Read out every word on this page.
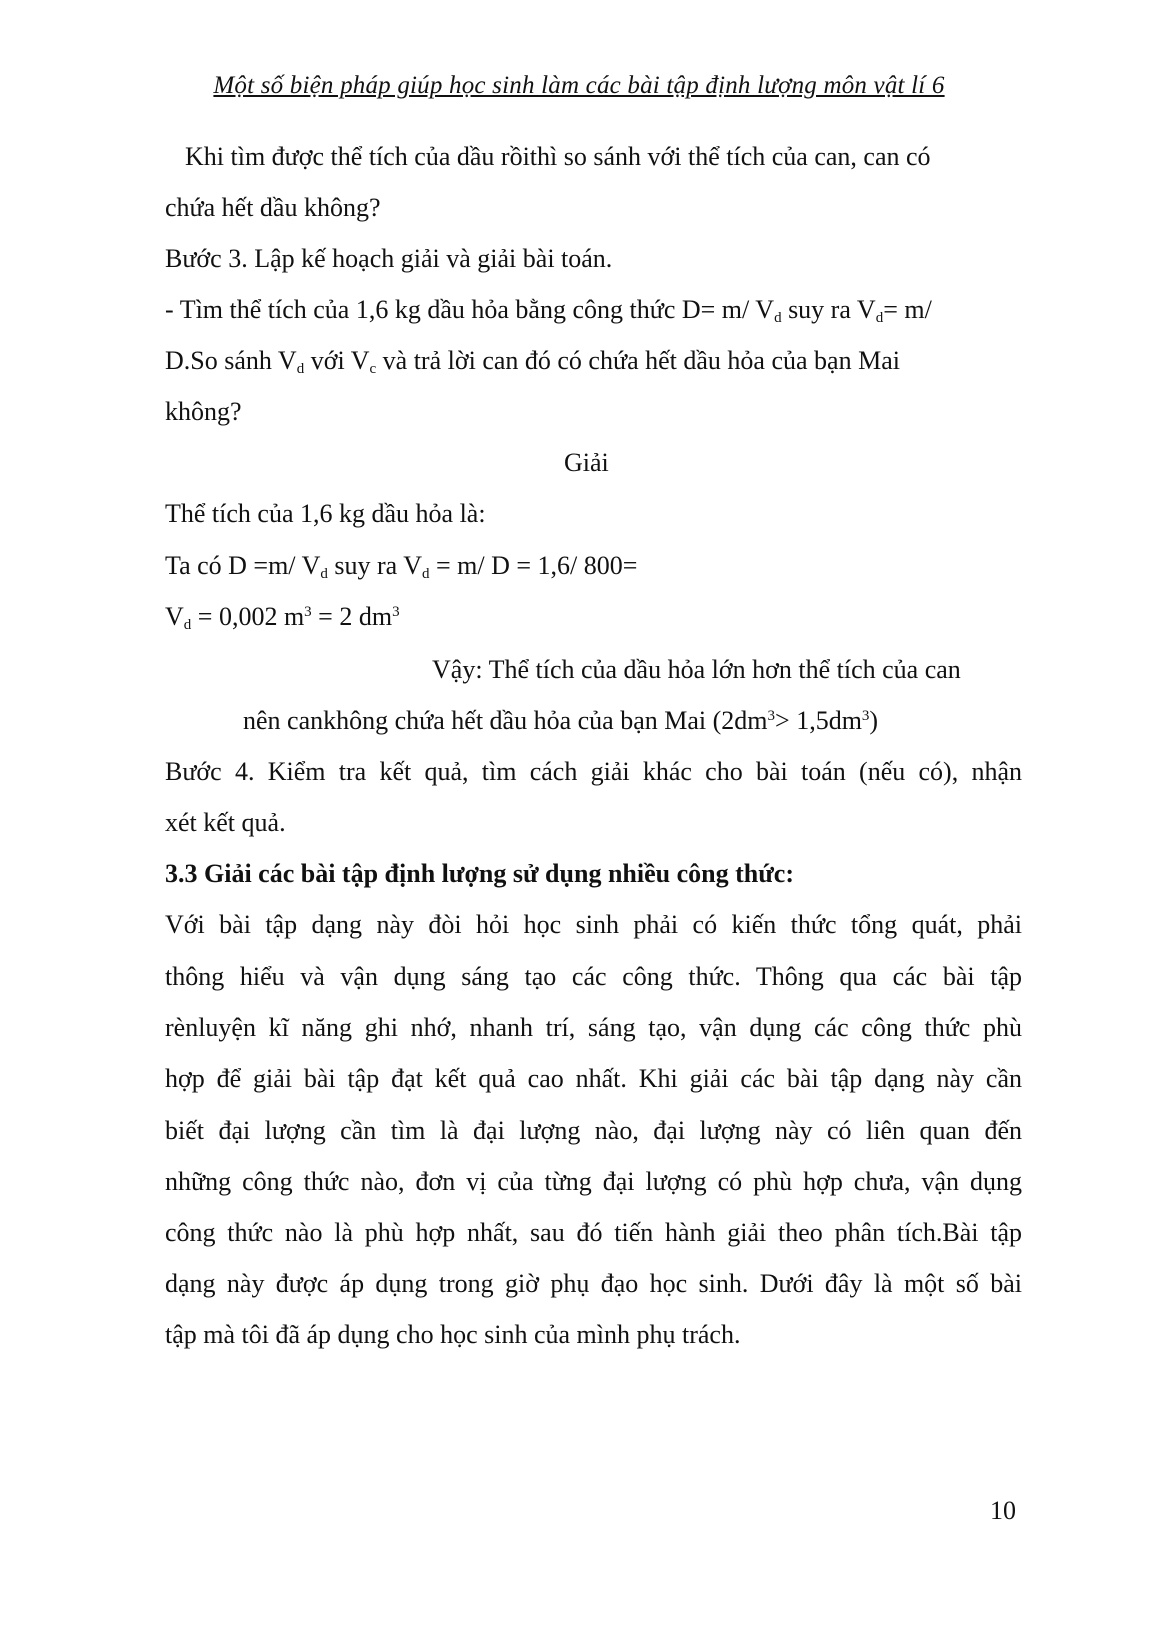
Một số biện pháp giúp học sinh làm các bài tập định lượng môn vật lí 6
Khi tìm được thể tích của dầu rồithì so sánh với thể tích của can, can có
chứa hết dầu không?
Bước 3. Lập kế hoạch giải và giải bài toán.
- Tìm thể tích của 1,6 kg dầu hỏa bằng công thức D= m/ $V_d$ suy ra $V_d= m/$
D.So sánh $V_d$ với $V_c$ và trả lời can đó có chứa hết dầu hỏa của bạn Mai
không?
Giải
Thể tích của 1,6 kg dầu hỏa là:
Ta có D =m/ $V_d$ suy ra $V_d = m/$ D = 1,6/ 800=
$V_d = 0,002$ $m^3 = 2$ $dm^3$
Vậy: Thể tích của dầu hỏa lớn hơn thể tích của can
nên cankhông chứa hết dầu hỏa của bạn Mai $(2dm^3> 1,5dm^3)$
Bước 4. Kiểm tra kết quả, tìm cách giải khác cho bài toán (nếu có), nhận
xét kết quả.
3.3 Giải các bài tập định lượng sử dụng nhiều công thức:
Với bài tập dạng này đòi hỏi học sinh phải có kiến thức tổng quát, phải
thông hiểu và vận dụng sáng tạo các công thức. Thông qua các bài tập
rènluyện kĩ năng ghi nhớ, nhanh trí, sáng tạo, vận dụng các công thức phù
hợp để giải bài tập đạt kết quả cao nhất. Khi giải các bài tập dạng này cần
biết đại lượng cần tìm là đại lượng nào, đại lượng này có liên quan đến
những công thức nào, đơn vị của từng đại lượng có phù hợp chưa, vận dụng
công thức nào là phù hợp nhất, sau đó tiến hành giải theo phân tích.Bài tập
dạng này được áp dụng trong giờ phụ đạo học sinh. Dưới đây là một số bài
tập mà tôi đã áp dụng cho học sinh của mình phụ trách.
10
